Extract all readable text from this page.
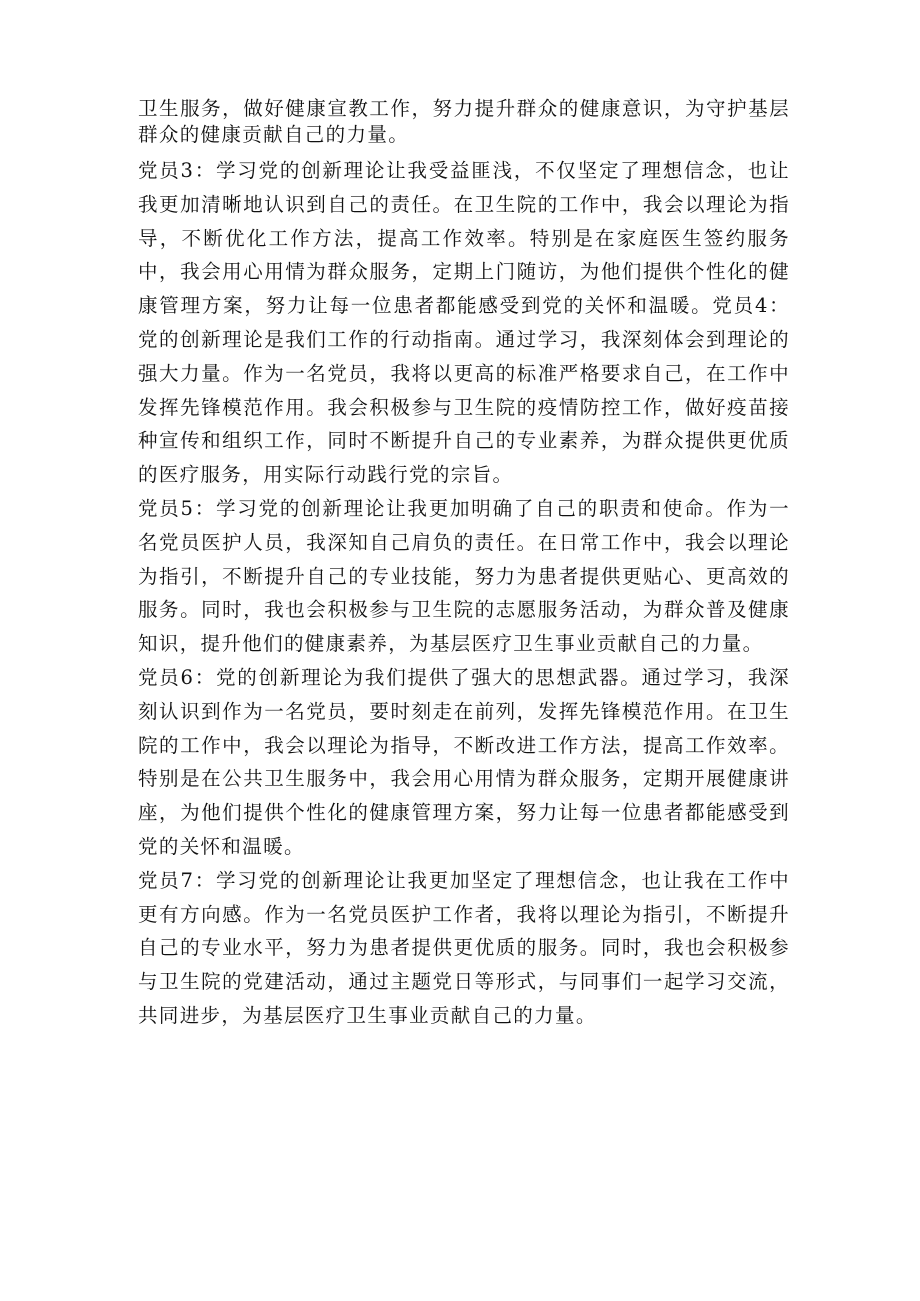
卫生服务，做好健康宣教工作，努力提升群众的健康意识，为守护基层群众的健康贡献自己的力量。

党员3：学习党的创新理论让我受益匪浅，不仅坚定了理想信念，也让我更加清晰地认识到自己的责任。在卫生院的工作中，我会以理论为指导，不断优化工作方法，提高工作效率。特别是在家庭医生签约服务中，我会用心用情为群众服务，定期上门随访，为他们提供个性化的健康管理方案，努力让每一位患者都能感受到党的关怀和温暖。党员4：党的创新理论是我们工作的行动指南。通过学习，我深刻体会到理论的强大力量。作为一名党员，我将以更高的标准严格要求自己，在工作中发挥先锋模范作用。我会积极参与卫生院的疫情防控工作，做好疫苗接种宣传和组织工作，同时不断提升自己的专业素养，为群众提供更优质的医疗服务，用实际行动践行党的宗旨。

党员5：学习党的创新理论让我更加明确了自己的职责和使命。作为一名党员医护人员，我深知自己肩负的责任。在日常工作中，我会以理论为指引，不断提升自己的专业技能，努力为患者提供更贴心、更高效的服务。同时，我也会积极参与卫生院的志愿服务活动，为群众普及健康知识，提升他们的健康素养，为基层医疗卫生事业贡献自己的力量。

党员6：党的创新理论为我们提供了强大的思想武器。通过学习，我深刻认识到作为一名党员，要时刻走在前列，发挥先锋模范作用。在卫生院的工作中，我会以理论为指导，不断改进工作方法，提高工作效率。特别是在公共卫生服务中，我会用心用情为群众服务，定期开展健康讲座，为他们提供个性化的健康管理方案，努力让每一位患者都能感受到党的关怀和温暖。

党员7：学习党的创新理论让我更加坚定了理想信念，也让我在工作中更有方向感。作为一名党员医护工作者，我将以理论为指引，不断提升自己的专业水平，努力为患者提供更优质的服务。同时，我也会积极参与卫生院的党建活动，通过主题党日等形式，与同事们一起学习交流，共同进步，为基层医疗卫生事业贡献自己的力量。
